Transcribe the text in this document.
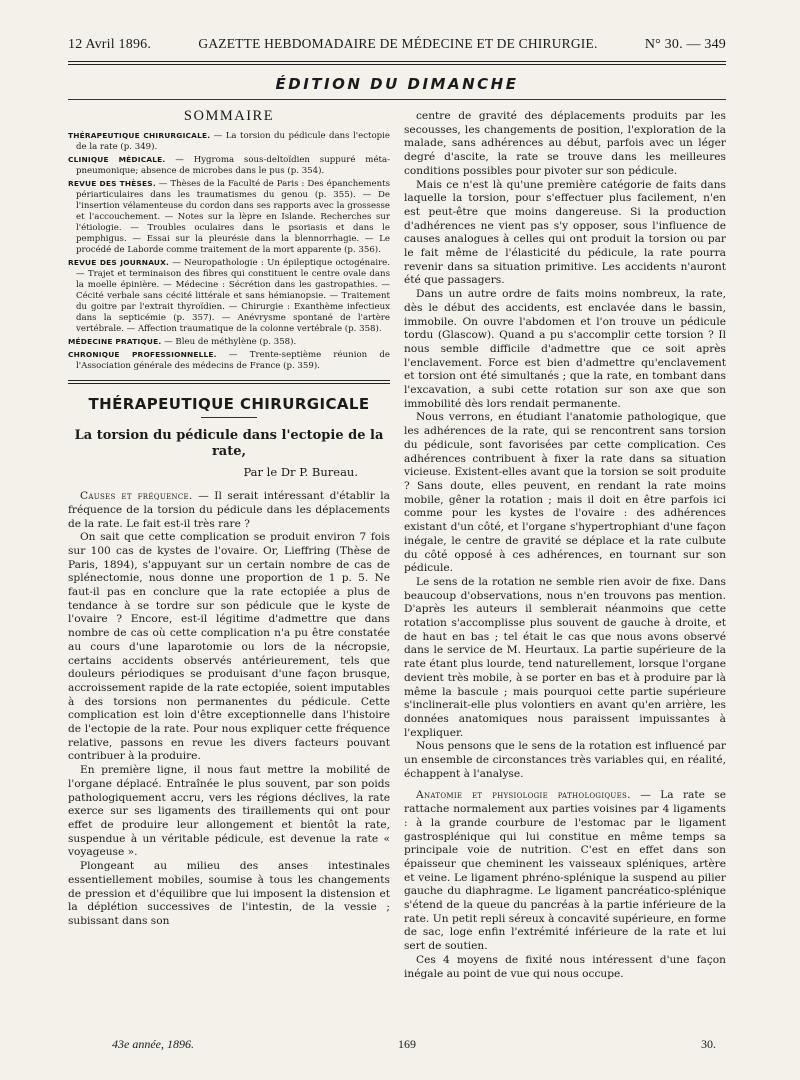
12 Avril 1896.	GAZETTE HEBDOMADAIRE DE MÉDECINE ET DE CHIRURGIE.	N° 30. — 349
ÉDITION DU DIMANCHE
SOMMAIRE
THÉRAPEUTIQUE CHIRURGICALE. — La torsion du pédicule dans l'ectopie de la rate (p. 349).
CLINIQUE MÉDICALE. — Hygroma sous-deltoïdien suppuré méta-pneumonique; absence de microbes dans le pus (p. 354).
REVUE DES THÈSES. — Thèses de la Faculté de Paris : Des épanchements périarticulaires dans les traumatismes du genou (p. 355). — De l'insertion vélamenteuse du cordon dans ses rapports avec la grossesse et l'accouchement. — Notes sur la lèpre en Islande. Recherches sur l'étiologie. — Troubles oculaires dans le psoriasis et dans le pemphigus. — Essai sur la pleurésie dans la blennorrhagie. — Le procédé de Laborde comme traitement de la mort apparente (p. 356).
REVUE DES JOURNAUX. — Neuropathologie : Un épileptique octogénaire. — Trajet et terminaison des fibres qui constituent le centre ovale dans la moelle épinière. — Médecine : Sécrétion dans les gastropathies. — Cécité verbale sans cécité littérale et sans hémianopsie. — Traitement du goitre par l'extrait thyroïdien. — Chirurgie : Exanthème infectieux dans la septicémie (p. 357). — Anévrysme spontané de l'artère vertébrale. — Affection traumatique de la colonne vertébrale (p. 358).
MÉDECINE PRATIQUE. — Bleu de méthylène (p. 358).
CHRONIQUE PROFESSIONNELLE. — Trente-septième réunion de l'Association générale des médecins de France (p. 359).
THÉRAPEUTIQUE CHIRURGICALE
La torsion du pédicule dans l'ectopie de la rate,
Par le Dr P. Bureau.

Causes et fréquence. — Il serait intéressant d'établir la fréquence de la torsion du pédicule dans les déplacements de la rate. Le fait est-il très rare ?

On sait que cette complication se produit environ 7 fois sur 100 cas de kystes de l'ovaire. Or, Lieffring (Thèse de Paris, 1894), s'appuyant sur un certain nombre de cas de splénectomie, nous donne une proportion de 1 p. 5. Ne faut-il pas en conclure que la rate ectopiée a plus de tendance à se tordre sur son pédicule que le kyste de l'ovaire ? Encore, est-il légitime d'admettre que dans nombre de cas où cette complication n'a pu être constatée au cours d'une laparotomie ou lors de la nécropsie, certains accidents observés antérieurement, tels que douleurs périodiques se produisant d'une façon brusque, accroissement rapide de la rate ectopiée, soient imputables à des torsions non permanentes du pédicule. Cette complication est loin d'être exceptionnelle dans l'histoire de l'ectopie de la rate. Pour nous expliquer cette fréquence relative, passons en revue les divers facteurs pouvant contribuer à la produire.

En première ligne, il nous faut mettre la mobilité de l'organe déplacé. Entraînée le plus souvent, par son poids pathologiquement accru, vers les régions déclives, la rate exerce sur ses ligaments des tiraillements qui ont pour effet de produire leur allongement et bientôt la rate, suspendue à un véritable pédicule, est devenue la rate « voyageuse ».

Plongeant au milieu des anses intestinales essentiellement mobiles, soumise à tous les changements de pression et d'équilibre que lui imposent la distension et la déplétion successives de l'intestin, de la vessie ; subissant dans son

centre de gravité des déplacements produits par les secousses, les changements de position, l'exploration de la malade, sans adhérences au début, parfois avec un léger degré d'ascite, la rate se trouve dans les meilleures conditions possibles pour pivoter sur son pédicule.

Mais ce n'est là qu'une première catégorie de faits dans laquelle la torsion, pour s'effectuer plus facilement, n'en est peut-être que moins dangereuse. Si la production d'adhérences ne vient pas s'y opposer, sous l'influence de causes analogues à celles qui ont produit la torsion ou par le fait même de l'élasticité du pédicule, la rate pourra revenir dans sa situation primitive. Les accidents n'auront été que passagers.

Dans un autre ordre de faits moins nombreux, la rate, dès le début des accidents, est enclavée dans le bassin, immobile. On ouvre l'abdomen et l'on trouve un pédicule tordu (Glascow). Quand a pu s'accomplir cette torsion ? Il nous semble difficile d'admettre que ce soit après l'enclavement. Force est bien d'admettre qu'enclavement et torsion ont été simultanés ; que la rate, en tombant dans l'excavation, a subi cette rotation sur son axe que son immobilité dès lors rendait permanente.

Nous verrons, en étudiant l'anatomie pathologique, que les adhérences de la rate, qui se rencontrent sans torsion du pédicule, sont favorisées par cette complication. Ces adhérences contribuent à fixer la rate dans sa situation vicieuse. Existent-elles avant que la torsion se soit produite ? Sans doute, elles peuvent, en rendant la rate moins mobile, gêner la rotation ; mais il doit en être parfois ici comme pour les kystes de l'ovaire : des adhérences existant d'un côté, et l'organe s'hypertrophiant d'une façon inégale, le centre de gravité se déplace et la rate culbute du côté opposé à ces adhérences, en tournant sur son pédicule.

Le sens de la rotation ne semble rien avoir de fixe. Dans beaucoup d'observations, nous n'en trouvons pas mention. D'après les auteurs il semblerait néanmoins que cette rotation s'accomplisse plus souvent de gauche à droite, et de haut en bas ; tel était le cas que nous avons observé dans le service de M. Heurtaux. La partie supérieure de la rate étant plus lourde, tend naturellement, lorsque l'organe devient très mobile, à se porter en bas et à produire par là même la bascule ; mais pourquoi cette partie supérieure s'inclinerait-elle plus volontiers en avant qu'en arrière, les données anatomiques nous paraissent impuissantes à l'expliquer.

Nous pensons que le sens de la rotation est influencé par un ensemble de circonstances très variables qui, en réalité, échappent à l'analyse.

Anatomie et physiologie pathologiques. — La rate se rattache normalement aux parties voisines par 4 ligaments : à la grande courbure de l'estomac par le ligament gastrosplénique qui lui constitue en même temps sa principale voie de nutrition. C'est en effet dans son épaisseur que cheminent les vaisseaux spléniques, artère et veine. Le ligament phréno-splénique la suspend au pilier gauche du diaphragme. Le ligament pancréatico-splénique s'étend de la queue du pancréas à la partie inférieure de la rate. Un petit repli séreux à concavité supérieure, en forme de sac, loge enfin l'extrémité inférieure de la rate et lui sert de soutien.

Ces 4 moyens de fixité nous intéressent d'une façon inégale au point de vue qui nous occupe.

43e année, 1896.	169	30.
